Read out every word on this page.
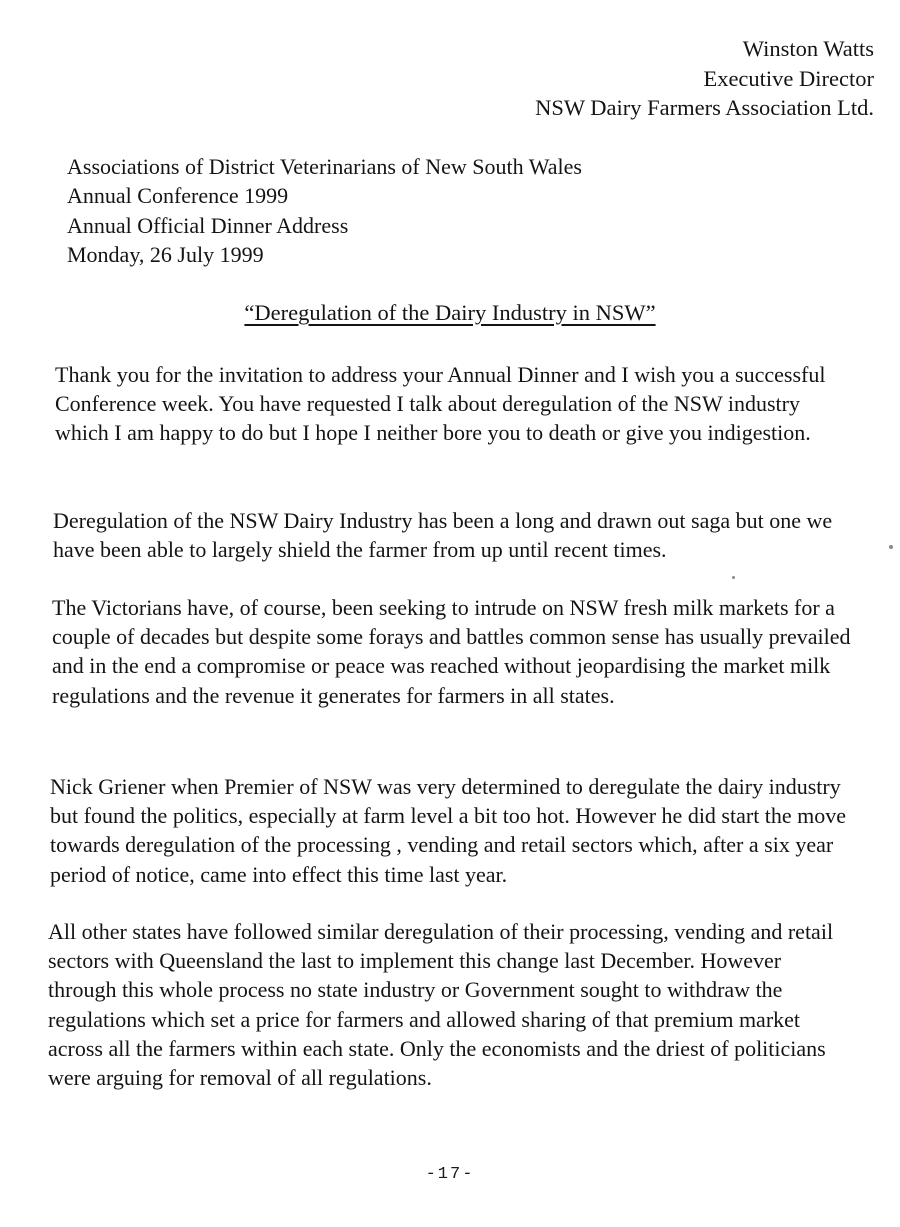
Winston Watts
Executive Director
NSW Dairy Farmers Association Ltd.
Associations of District Veterinarians of New South Wales
Annual Conference 1999
Annual Official Dinner Address
Monday, 26 July 1999
“Deregulation of the Dairy Industry in NSW”
Thank you for the invitation to address your Annual Dinner and I wish you a successful Conference week. You have requested I talk about deregulation of the NSW industry which I am happy to do but I hope I neither bore you to death or give you indigestion.
Deregulation of the NSW Dairy Industry has been a long and drawn out saga but one we have been able to largely shield the farmer from up until recent times.
The Victorians have, of course, been seeking to intrude on NSW fresh milk markets for a couple of decades but despite some forays and battles common sense has usually prevailed and in the end a compromise or peace was reached without jeopardising the market milk regulations and the revenue it generates for farmers in all states.
Nick Griener when Premier of NSW was very determined to deregulate the dairy industry but found the politics, especially at farm level a bit too hot. However he did start the move towards deregulation of the processing , vending and retail sectors which, after a six year period of notice, came into effect this time last year.
All other states have followed similar deregulation of their processing, vending and retail sectors with Queensland the last to implement this change last December. However through this whole process no state industry or Government sought to withdraw the regulations which set a price for farmers and allowed sharing of that premium market across all the farmers within each state. Only the economists and the driest of politicians were arguing for removal of all regulations.
-17-
